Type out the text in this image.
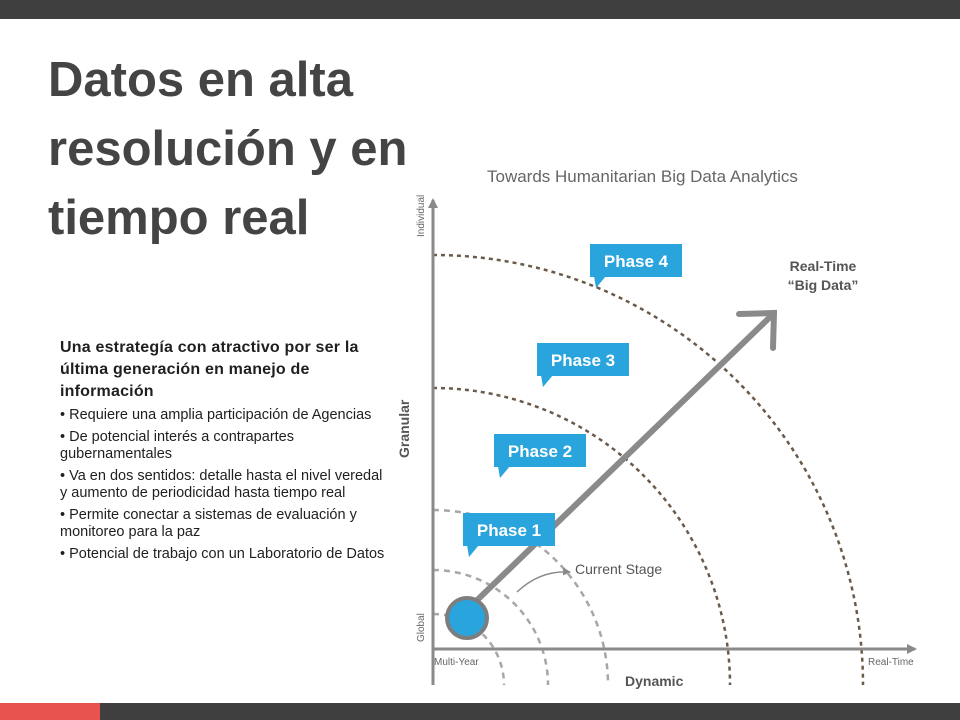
Datos en alta
resolución y en
tiempo real
Una estrategía con atractivo por ser la última generación en manejo de información
• Requiere una amplia participación de Agencias
• De potencial interés a contrapartes gubernamentales
• Va en dos sentidos: detalle hasta el nivel veredal y aumento de periodicidad hasta tiempo real
• Permite conectar a sistemas de evaluación y monitoreo para la paz
• Potencial de trabajo con un Laboratorio de Datos
Towards Humanitarian Big Data Analytics
Individual
Global
Granular
Multi-Year	Real-Time
Dynamic
Current Stage
Real-Time
“Big Data”
Phase 1
Phase 2
Phase 3
Phase 4
